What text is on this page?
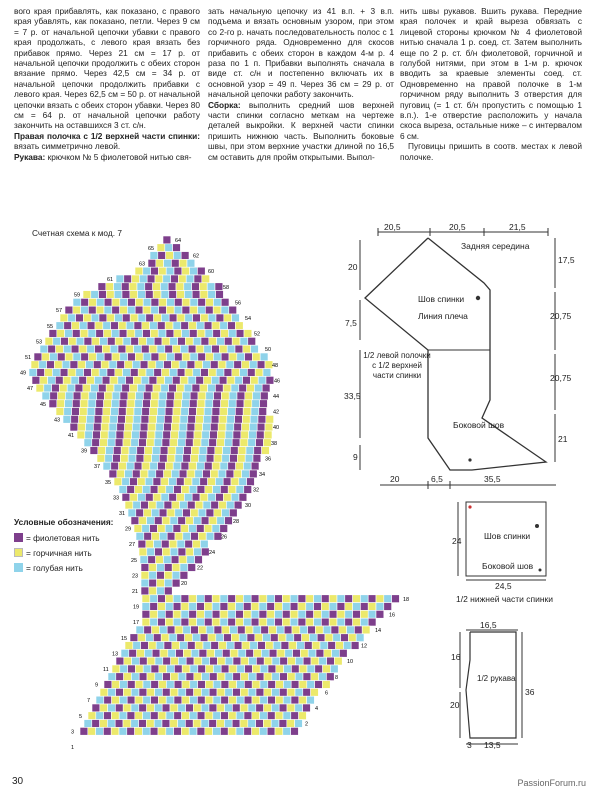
вого края прибавлять, как показано, с правого края убавлять, как показано, петли. Через 9 см = 7 р. от начальной цепочки убавки с правого края продолжать, с левого края вязать без прибавок прямо. Через 21 см = 17 р. от начальной цепочки продолжить с обеих сторон вязание прямо. Через 42,5 см = 34 р. от начальной цепочки продолжить прибавки с левого края. Через 62,5 см = 50 р. от начальной цепочки вязать с обеих сторон убавки. Через 80 см = 64 р. от начальной цепочки работу закончить на оставшихся 3 ст. с/н.

Правая полочка с 1/2 верхней части спинки: вязать симметрично левой.

Рукава: крючком № 5 фиолетовой нитью свя-

зать начальную цепочку из 41 в.п. + 3 в.п. подъема и вязать основным узором, при этом со 2-го р. начать последовательность полос с 1 горчичного ряда. Одновременно для скосов прибавить с обеих сторон в каждом 4-м р. 4 раза по 1 п. Прибавки выполнять сначала в виде ст. с/н и постепенно включать их в основной узор = 49 п. Через 36 см = 29 р. от начальной цепочки работу закончить.

Сборка: выполнить средний шов верхней части спинки согласно меткам на чертеже деталей выкройки. К верхней части спинки пришить нижнюю часть. Выполнить боковые швы, при этом верхние участки длиной по 16,5 см оставить для пройм открытыми. Выпол-

нить швы рукавов. Вшить рукава. Передние края полочек и край выреза обвязать с лицевой стороны крючком № 4 фиолетовой нитью сначала 1 р. соед. ст. Затем выполнить еще по 2 р. ст. б/н фиолетовой, горчичной и голубой нитями, при этом в 1-м р. крючок вводить за краевые элементы соед. ст. Одновременно на правой полочке в 1-м горчичном ряду выполнить 3 отверстия для пуговиц (= 1 ст. б/н пропустить с помощью 1 в.п.). 1-е отверстие расположить у начала скоса выреза, остальные ниже – с интервалом 6 см.

Пуговицы пришить в соотв. местах к левой полочке.

Счетная схема к мод. 7
65
63
61
59
57
55
53
51
49
47
45
43
41
39
37
35
33
31
29
27
25
23
21
19
17
15
13
11
9
7
5
3
1
64
62
60
58
56
54
52
50
48
46
44
42
40
38
36
34
32
30
28
26
24
22
20
18
16
14
12
10
8
6
4
2
Условные обозначения:
= фиолетовая нить
= горчичная нить
= голубая нить
20,5	20,5	21,5
Задняя середина
20
17,5
Шов спинки
Линия плеча
7,5
20,75
1/2 левой полочки с 1/2 верхней части спинки
33,5
20,75
Боковой шов
21
9
20	6,5	35,5
Шов спинки
Боковой шов
24
24,5
1/2 нижней части спинки
16,5
16
1/2 рукава
36
20
3 13,5
30	PassionForum.ru
